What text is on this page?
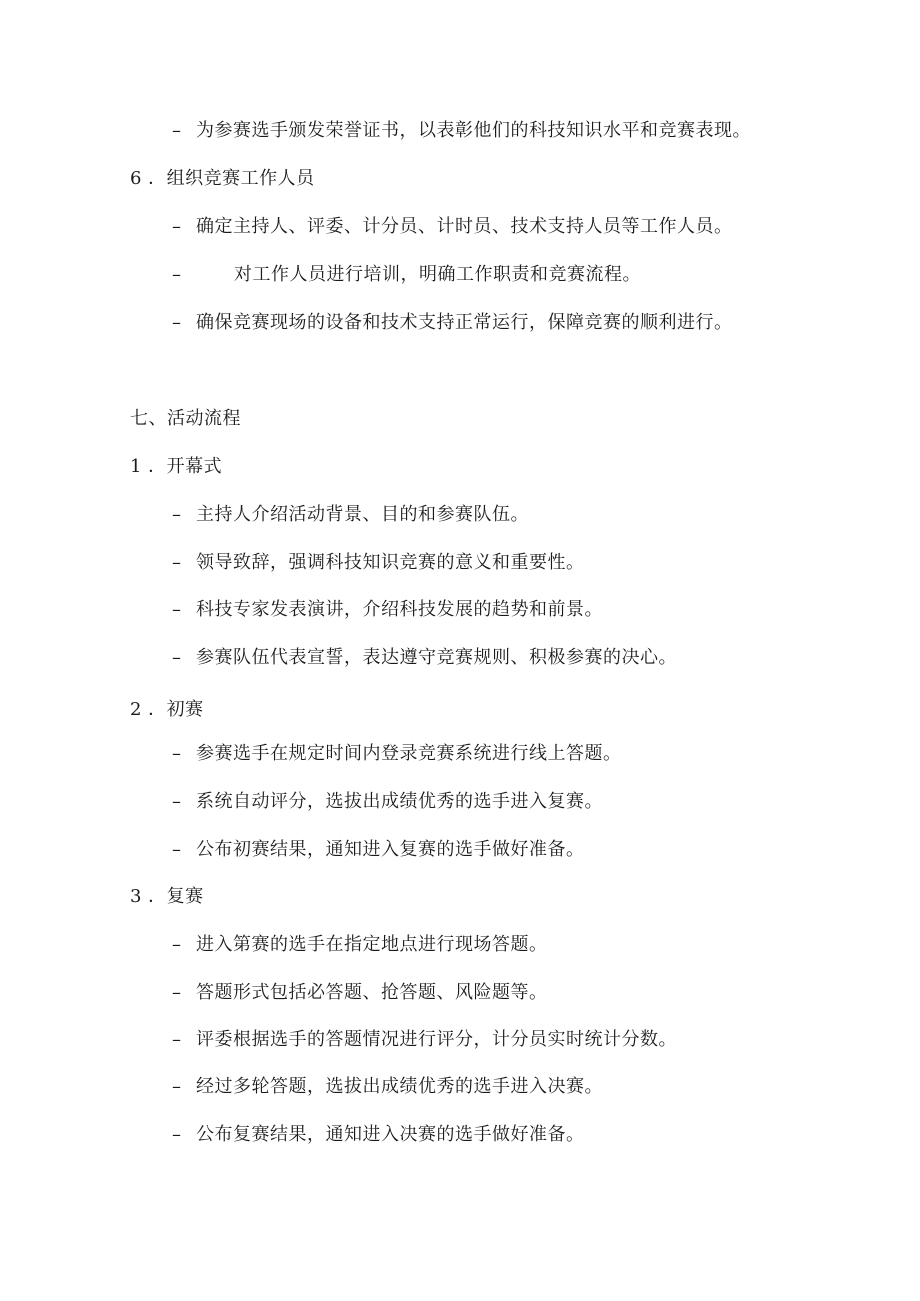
– 为参赛选手颁发荣誉证书，以表彰他们的科技知识水平和竞赛表现。
6 ．组织竞赛工作人员
– 确定主持人、评委、计分员、计时员、技术支持人员等工作人员。
–	对工作人员进行培训，明确工作职责和竞赛流程。
– 确保竞赛现场的设备和技术支持正常运行，保障竞赛的顺利进行。
七、活动流程
1 ．开幕式
– 主持人介绍活动背景、目的和参赛队伍。
– 领导致辞，强调科技知识竞赛的意义和重要性。
– 科技专家发表演讲，介绍科技发展的趋势和前景。
– 参赛队伍代表宣誓，表达遵守竞赛规则、积极参赛的决心。
2 ．初赛
– 参赛选手在规定时间内登录竞赛系统进行线上答题。
– 系统自动评分，选拔出成绩优秀的选手进入复赛。
– 公布初赛结果，通知进入复赛的选手做好准备。
3 ．复赛
– 进入第赛的选手在指定地点进行现场答题。
– 答题形式包括必答题、抢答题、风险题等。
– 评委根据选手的答题情况进行评分，计分员实时统计分数。
– 经过多轮答题，选拔出成绩优秀的选手进入决赛。
– 公布复赛结果，通知进入决赛的选手做好准备。
